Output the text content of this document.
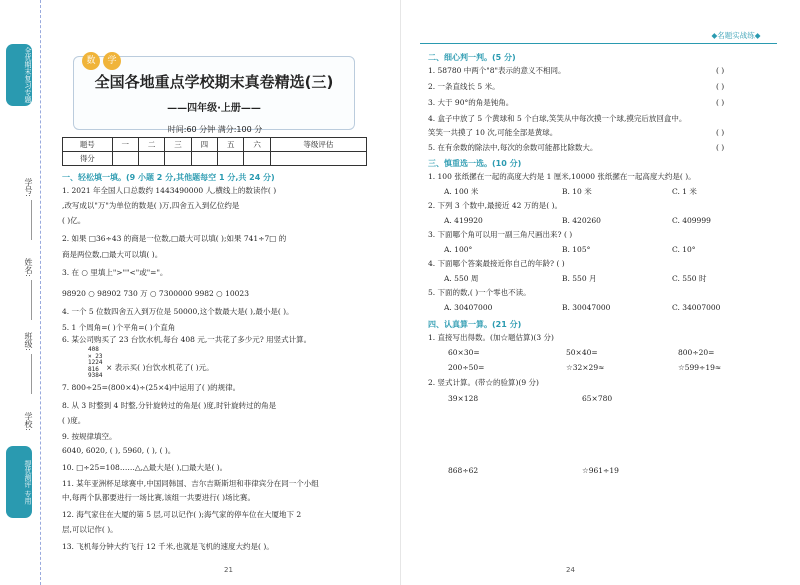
全优期末复习专题
学号:
姓名:
班级:
学校:
提优测评 专用
全国各地重点学校期末真卷精选(三)
——四年级·上册——
数	学
时间:60 分钟 满分:100 分
题号	一	二	三	四	五	六	等级评估
得分							
一、轻松填一填。(9 小题 2 分,其他题每空 1 分,共 24 分)
1. 2021 年全国人口总数约 1443490000 人,横线上的数读作( )
,改写成以"万"为单位的数是( )万,四舍五入到亿位约是
( )亿。
2. 如果 □36÷43 的商是一位数,□最大可以填( );如果 741÷7□ 的
商是两位数,□最大可以填( )。
3. 在 ○ 里填上">""<"或"="。
98920 ○ 98902 730 万 ○ 7300000 9982 ○ 10023
4. 一个 5 位数四舍五入到万位是 50000,这个数最大是( ),最小是( )。
5. 1 个周角=( )个平角=( )个直角
6. 某公司购买了 23 台饮水机,每台 408 元,一共花了多少元? 用竖式计算。
408
× 23
1224
816
9384
× 表示买( )台饮水机花了( )元。
7. 800÷25=(800×4)÷(25×4)中运用了( )的规律。
8. 从 3 时整到 4 时整,分针旋转过的角是( )度,时针旋转过的角是
( )度。
9. 按规律填空。
6040, 6020, ( ), 5960, ( ), ( )。
10. □÷25=108……△,△最大是( ),□最大是( )。
11. 某年亚洲杯足球赛中,中国同韩国、吉尔吉斯斯坦和菲律宾分在同一个小组
中,每两个队都要进行一场比赛,该组一共要进行( )场比赛。
12. 海气家住在大厦的第 5 层,可以记作( );海气家的停车位在大厦地下 2
层,可以记作( )。
13. 飞机每分钟大约飞行 12 千米,也就是飞机的速度大约是( )。
21
◆名题实战练◆
二、细心判一判。(5 分)
1. 58780 中两个"8"表示的意义不相同。	( )
2. 一条直线长 5 米。	( )
3. 大于 90°的角是钝角。	( )
4. 盒子中放了 5 个黄球和 5 个白球,笑笑从中每次摸一个球,摸完后放回盒中。
笑笑一共摸了 10 次,可能全部是黄球。	( )
5. 在有余数的除法中,每次的余数可能都比除数大。	( )
三、慎重选一选。(10 分)
1. 100 张纸摞在一起的高度大约是 1 厘米,10000 张纸摞在一起高度大约是( )。
A. 100 米	B. 10 米	C. 1 米
2. 下列 3 个数中,最接近 42 万的是( )。
A. 419920	B. 420260	C. 409999
3. 下面哪个角可以用一副三角尺画出来? ( )
A. 100°	B. 105°	C. 10°
4. 下面哪个答案最接近你自己的年龄? ( )
A. 550 周	B. 550 月	C. 550 时
5. 下面的数,( )一个零也不读。
A. 30407000	B. 30047000	C. 34007000
四、认真算一算。(21 分)
1. 直接写出得数。(加☆题估算)(3 分)
60×30=	50×40=	800÷20=
200÷50=	☆32×29≈	☆599÷19≈
2. 竖式计算。(带☆的验算)(9 分)
39×128	65×780
868÷62	☆961÷19
24
